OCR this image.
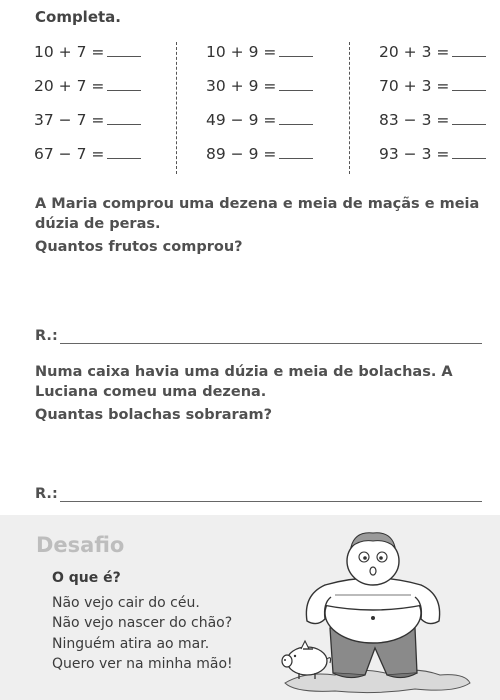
Completa.
10 + 7 =
20 + 7 =
37 − 7 =
67 − 7 =
10 + 9 =
30 + 9 =
49 − 9 =
89 − 9 =
20 + 3 =
70 + 3 =
83 − 3 =
93 − 3 =

A Maria comprou uma dezena e meia de maçãs e meia dúzia de peras.

Quantos frutos comprou?

R.:

Numa caixa havia uma dúzia e meia de bolachas. A Luciana comeu uma dezena.

Quantas bolachas sobraram?

R.:
Desafio
O que é?
Não vejo cair do céu.
Não vejo nascer do chão?
Ninguém atira ao mar.
Quero ver na minha mão!
